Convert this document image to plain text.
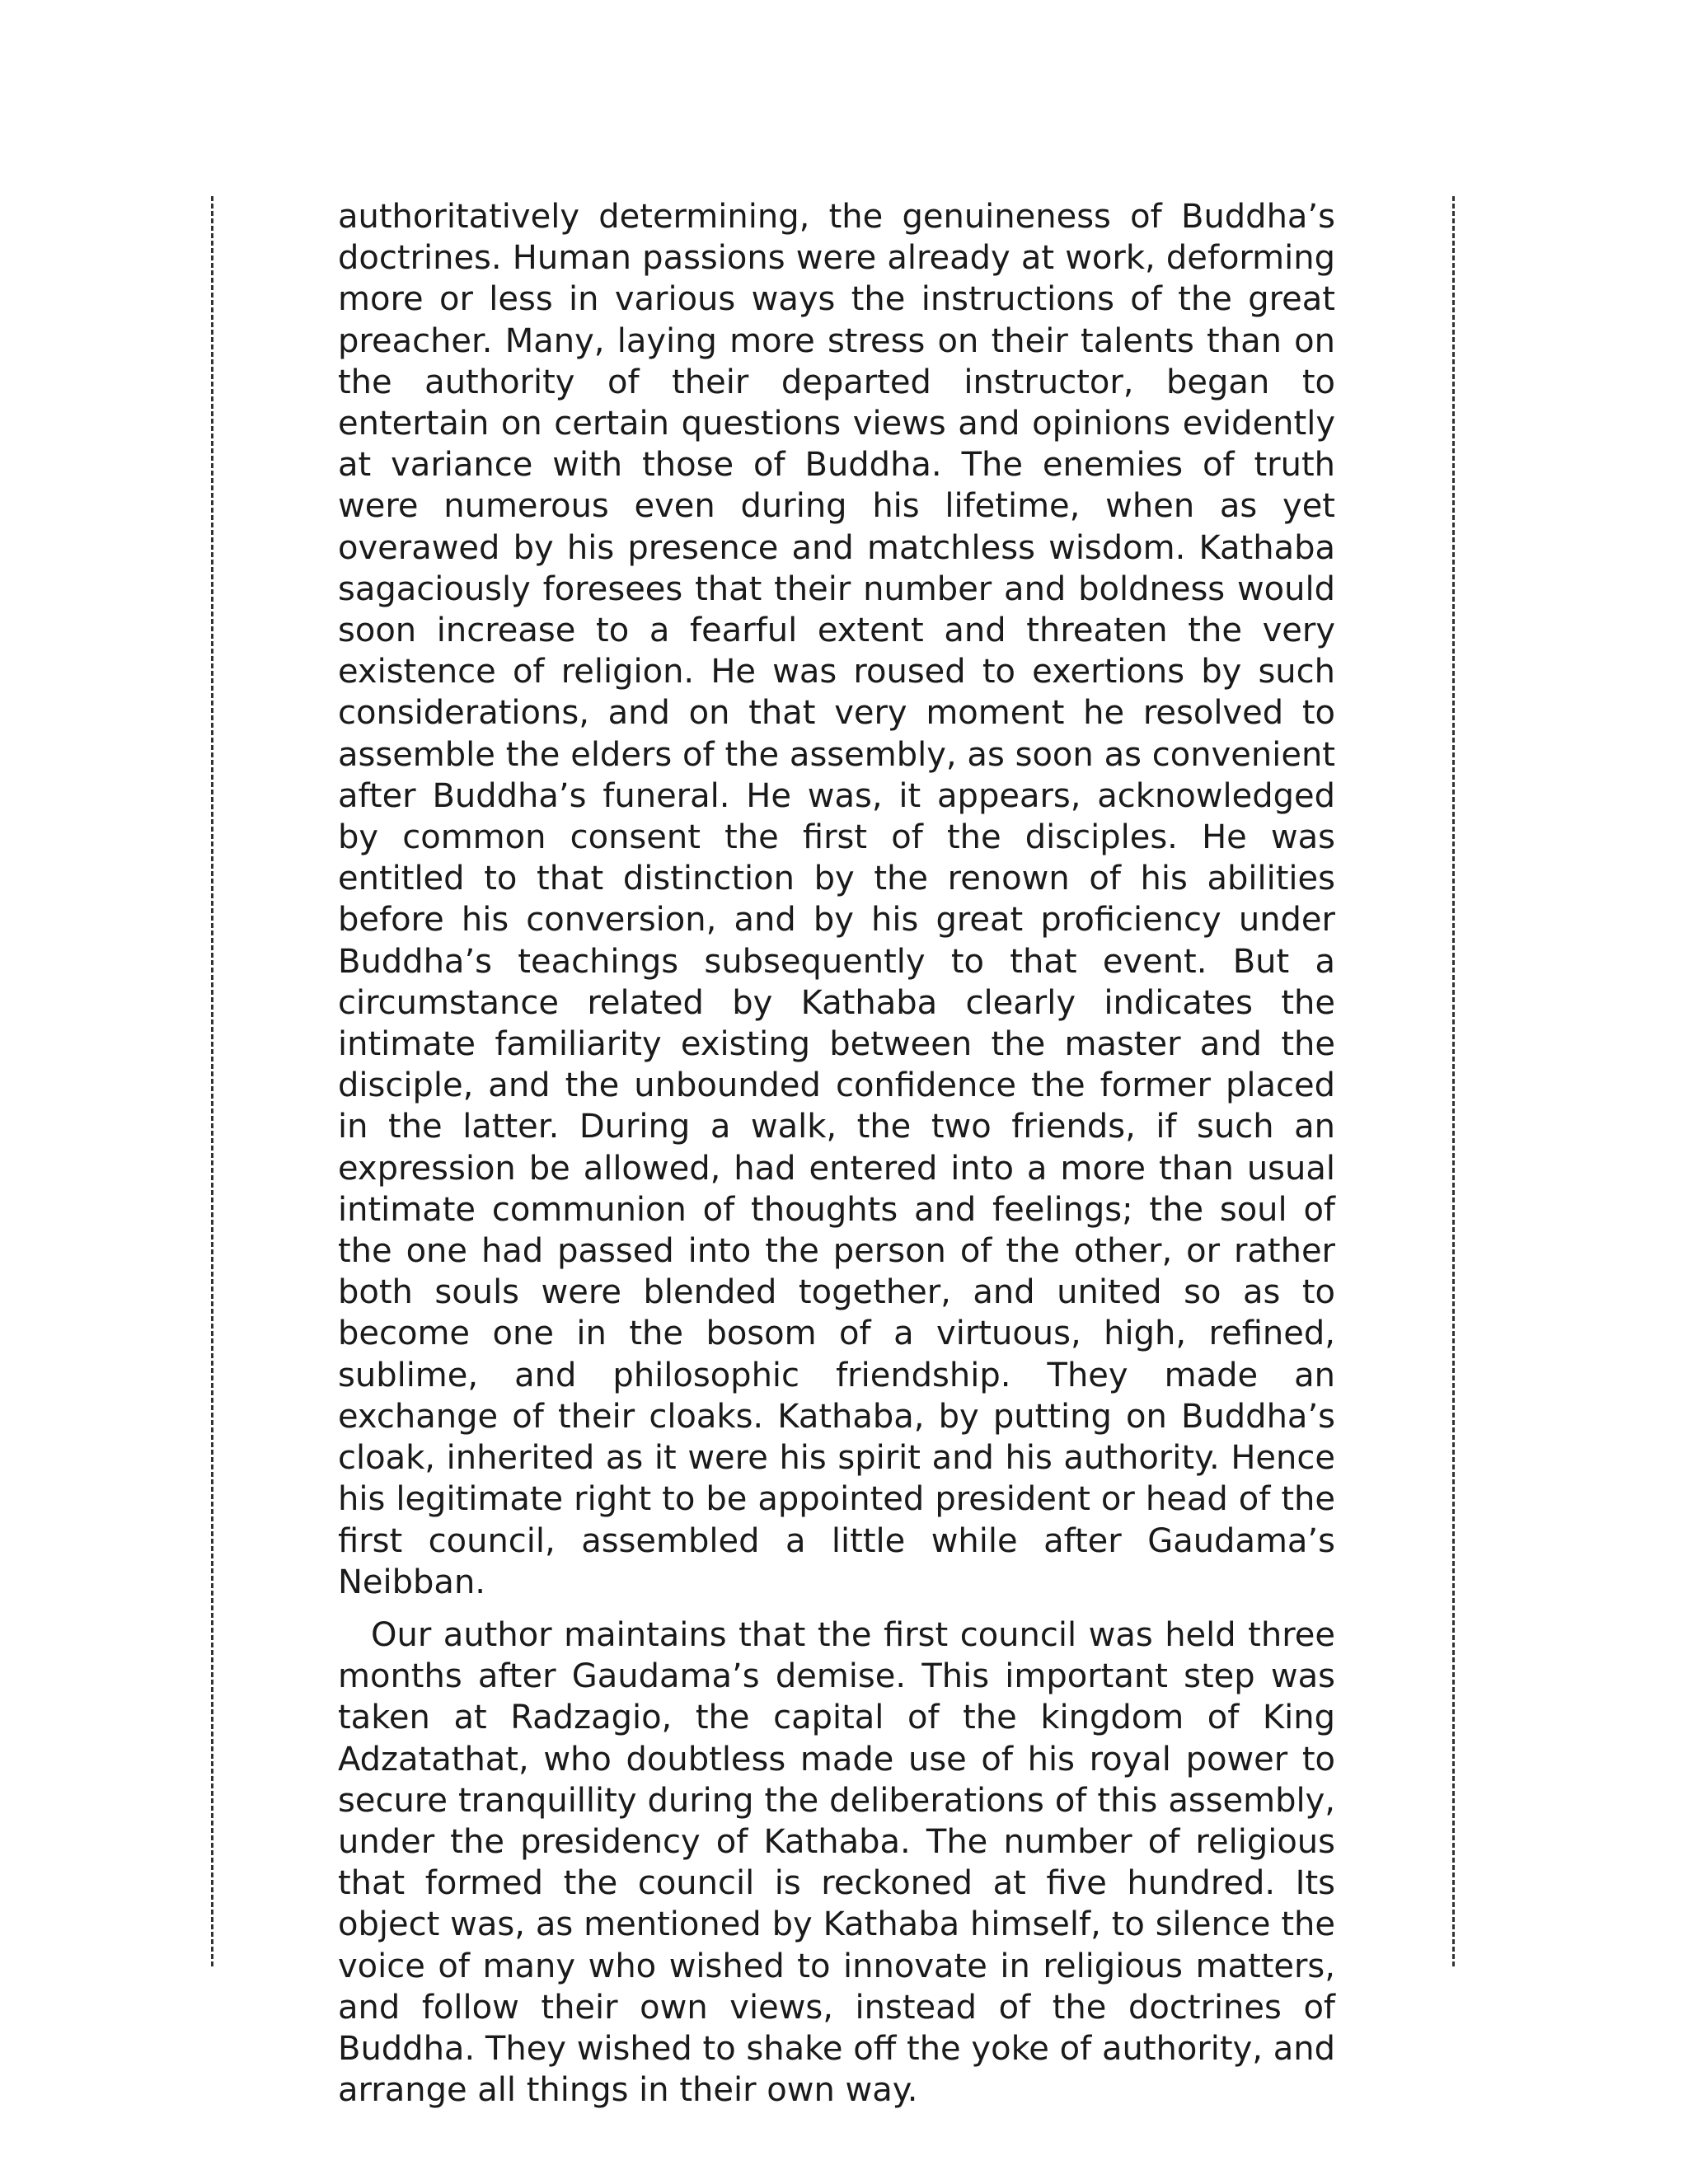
authoritatively determining, the genuineness of Buddha’s doctrines. Human passions were already at work, deforming more or less in various ways the instructions of the great preacher. Many, laying more stress on their talents than on the authority of their departed instructor, began to entertain on certain questions views and opinions evidently at variance with those of Buddha. The enemies of truth were numerous even during his lifetime, when as yet overawed by his presence and matchless wisdom. Kathaba sagaciously foresees that their number and boldness would soon increase to a fearful extent and threaten the very existence of religion. He was roused to exertions by such considerations, and on that very moment he resolved to assemble the elders of the assembly, as soon as convenient after Buddha’s funeral. He was, it appears, acknowledged by common consent the first of the disciples. He was entitled to that distinction by the renown of his abilities before his conversion, and by his great proficiency under Buddha’s teachings subsequently to that event. But a circumstance related by Kathaba clearly indicates the intimate familiarity existing between the master and the disciple, and the unbounded confidence the former placed in the latter. During a walk, the two friends, if such an expression be allowed, had entered into a more than usual intimate communion of thoughts and feelings; the soul of the one had passed into the person of the other, or rather both souls were blended together, and united so as to become one in the bosom of a virtuous, high, refined, sublime, and philosophic friendship. They made an exchange of their cloaks. Kathaba, by putting on Buddha’s cloak, inherited as it were his spirit and his authority. Hence his legitimate right to be appointed president or head of the first council, assembled a little while after Gaudama’s Neibban.

Our author maintains that the first council was held three months after Gaudama’s demise. This important step was taken at Radzagio, the capital of the kingdom of King Adzatathat, who doubtless made use of his royal power to secure tranquillity during the deliberations of this assembly, under the presidency of Kathaba. The number of religious that formed the council is reckoned at five hundred. Its object was, as mentioned by Kathaba himself, to silence the voice of many who wished to innovate in religious matters, and follow their own views, instead of the doctrines of Buddha. They wished to shake off the yoke of authority, and arrange all things in their own way.
